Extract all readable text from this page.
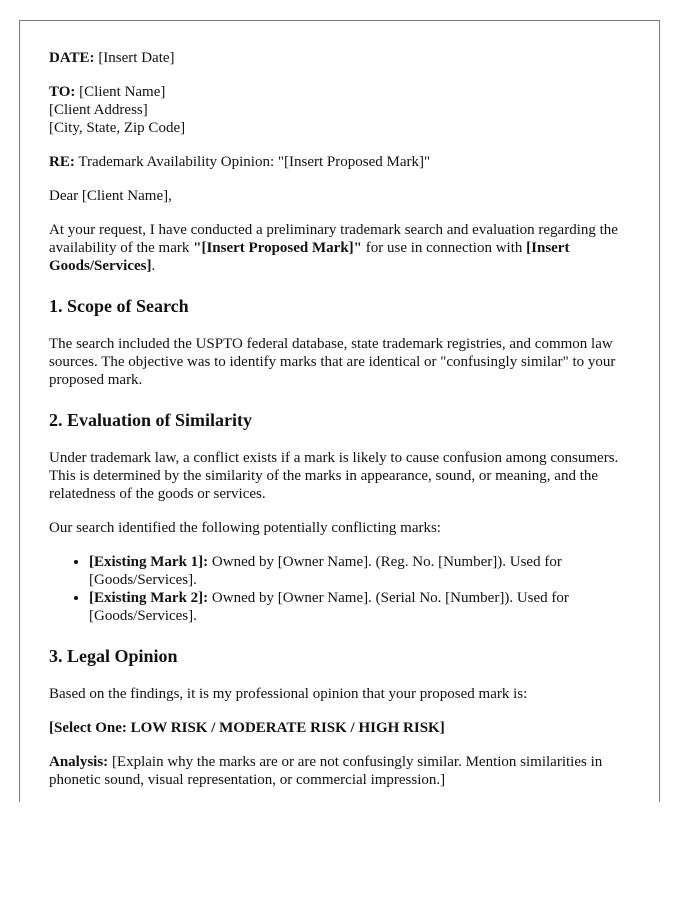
DATE: [Insert Date]

TO: [Client Name]
[Client Address]
[City, State, Zip Code]

RE: Trademark Availability Opinion: "[Insert Proposed Mark]"

Dear [Client Name],

At your request, I have conducted a preliminary trademark search and evaluation regarding the availability of the mark "[Insert Proposed Mark]" for use in connection with [Insert Goods/Services].

1. Scope of Search

The search included the USPTO federal database, state trademark registries, and common law sources. The objective was to identify marks that are identical or "confusingly similar" to your proposed mark.

2. Evaluation of Similarity

Under trademark law, a conflict exists if a mark is likely to cause confusion among consumers. This is determined by the similarity of the marks in appearance, sound, or meaning, and the relatedness of the goods or services.

Our search identified the following potentially conflicting marks:

• [Existing Mark 1]: Owned by [Owner Name]. (Reg. No. [Number]). Used for [Goods/Services].
• [Existing Mark 2]: Owned by [Owner Name]. (Serial No. [Number]). Used for [Goods/Services].
3. Legal Opinion

Based on the findings, it is my professional opinion that your proposed mark is:

[Select One: LOW RISK / MODERATE RISK / HIGH RISK]

Analysis: [Explain why the marks are or are not confusingly similar. Mention similarities in phonetic sound, visual representation, or commercial impression.]
